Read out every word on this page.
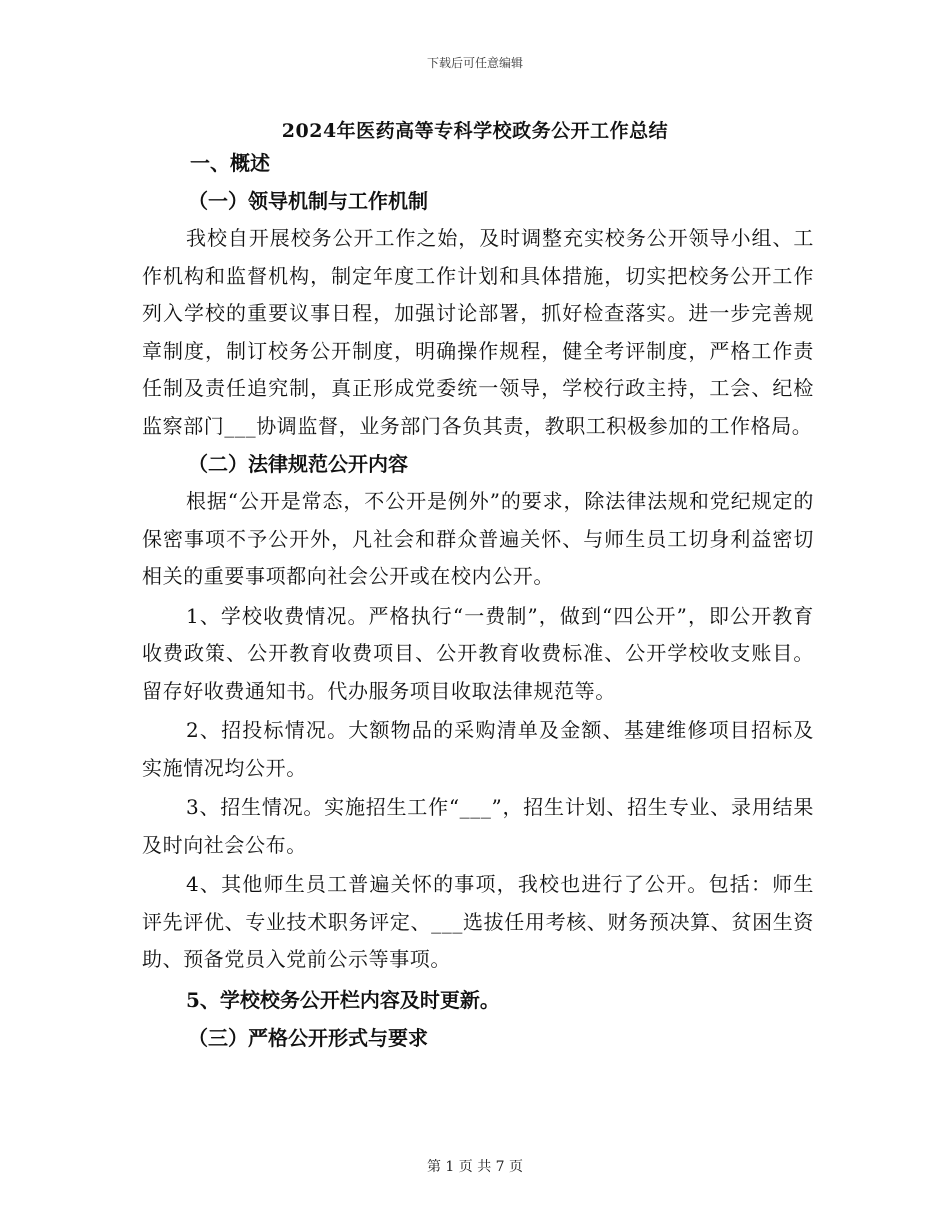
下载后可任意编辑
2024年医药高等专科学校政务公开工作总结

一、概述

（一）领导机制与工作机制

我校自开展校务公开工作之始，及时调整充实校务公开领导小组、工作机构和监督机构，制定年度工作计划和具体措施，切实把校务公开工作列入学校的重要议事日程，加强讨论部署，抓好检查落实。进一步完善规章制度，制订校务公开制度，明确操作规程，健全考评制度，严格工作责任制及责任追究制，真正形成党委统一领导，学校行政主持，工会、纪检监察部门___协调监督，业务部门各负其责，教职工积极参加的工作格局。

（二）法律规范公开内容

根据“公开是常态，不公开是例外”的要求，除法律法规和党纪规定的保密事项不予公开外，凡社会和群众普遍关怀、与师生员工切身利益密切相关的重要事项都向社会公开或在校内公开。

1、学校收费情况。严格执行“一费制”，做到“四公开”，即公开教育收费政策、公开教育收费项目、公开教育收费标准、公开学校收支账目。留存好收费通知书。代办服务项目收取法律规范等。

2、招投标情况。大额物品的采购清单及金额、基建维修项目招标及实施情况均公开。

3、招生情况。实施招生工作“___”，招生计划、招生专业、录用结果及时向社会公布。

4、其他师生员工普遍关怀的事项，我校也进行了公开。包括：师生评先评优、专业技术职务评定、___选拔任用考核、财务预决算、贫困生资助、预备党员入党前公示等事项。

5、学校校务公开栏内容及时更新。

（三）严格公开形式与要求

第 1 页 共 7 页
